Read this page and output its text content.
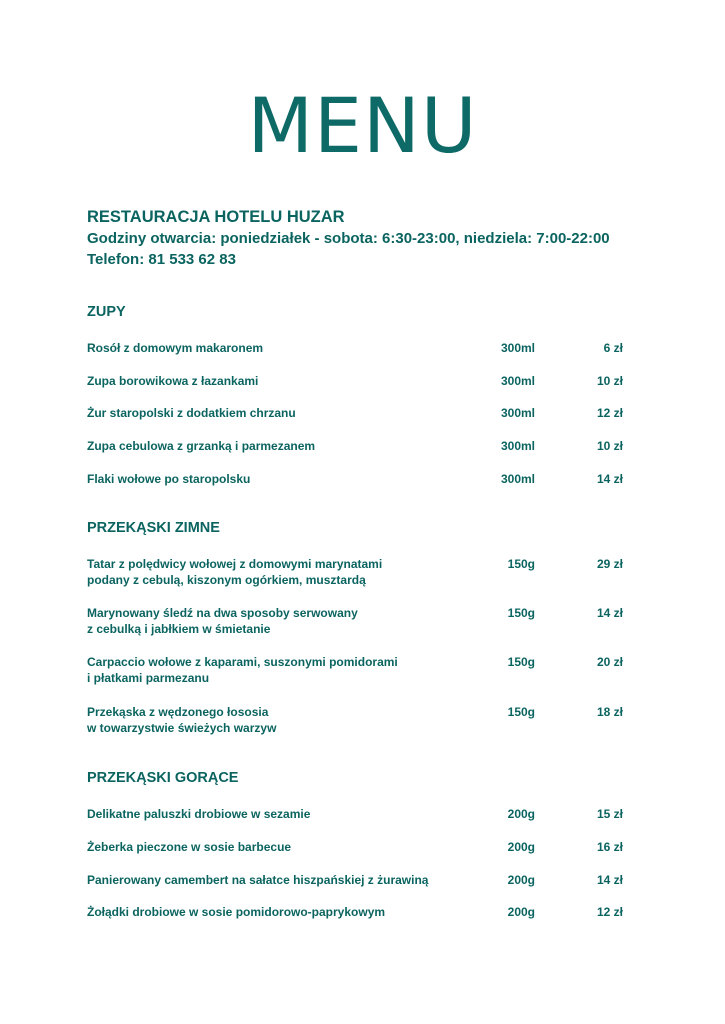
MENU
RESTAURACJA HOTELU HUZAR
Godziny otwarcia: poniedziałek - sobota: 6:30-23:00, niedziela: 7:00-22:00
Telefon: 81 533 62 83
ZUPY
Rosół z domowym makaronem	300ml	6 zł
Zupa borowikowa z łazankami	300ml	10 zł
Żur staropolski z dodatkiem chrzanu	300ml	12 zł
Zupa cebulowa z grzanką i parmezanem	300ml	10 zł
Flaki wołowe po staropolsku	300ml	14 zł
PRZEKĄSKI ZIMNE
Tatar z polędwicy wołowej z domowymi marynatami
podany z cebulą, kiszonym ogórkiem, musztardą
150g	29 zł
Marynowany śledź na dwa sposoby serwowany
z cebulką i jabłkiem w śmietanie
150g	14 zł
Carpaccio wołowe z kaparami, suszonymi pomidorami
i płatkami parmezanu
150g	20 zł
Przekąska z wędzonego łososia
w towarzystwie świeżych warzyw
150g	18 zł
PRZEKĄSKI GORĄCE
Delikatne paluszki drobiowe w sezamie	200g	15 zł
Żeberka pieczone w sosie barbecue	200g	16 zł
Panierowany camembert na sałatce hiszpańskiej z żurawiną	200g	14 zł
Żołądki drobiowe w sosie pomidorowo-paprykowym	200g	12 zł
